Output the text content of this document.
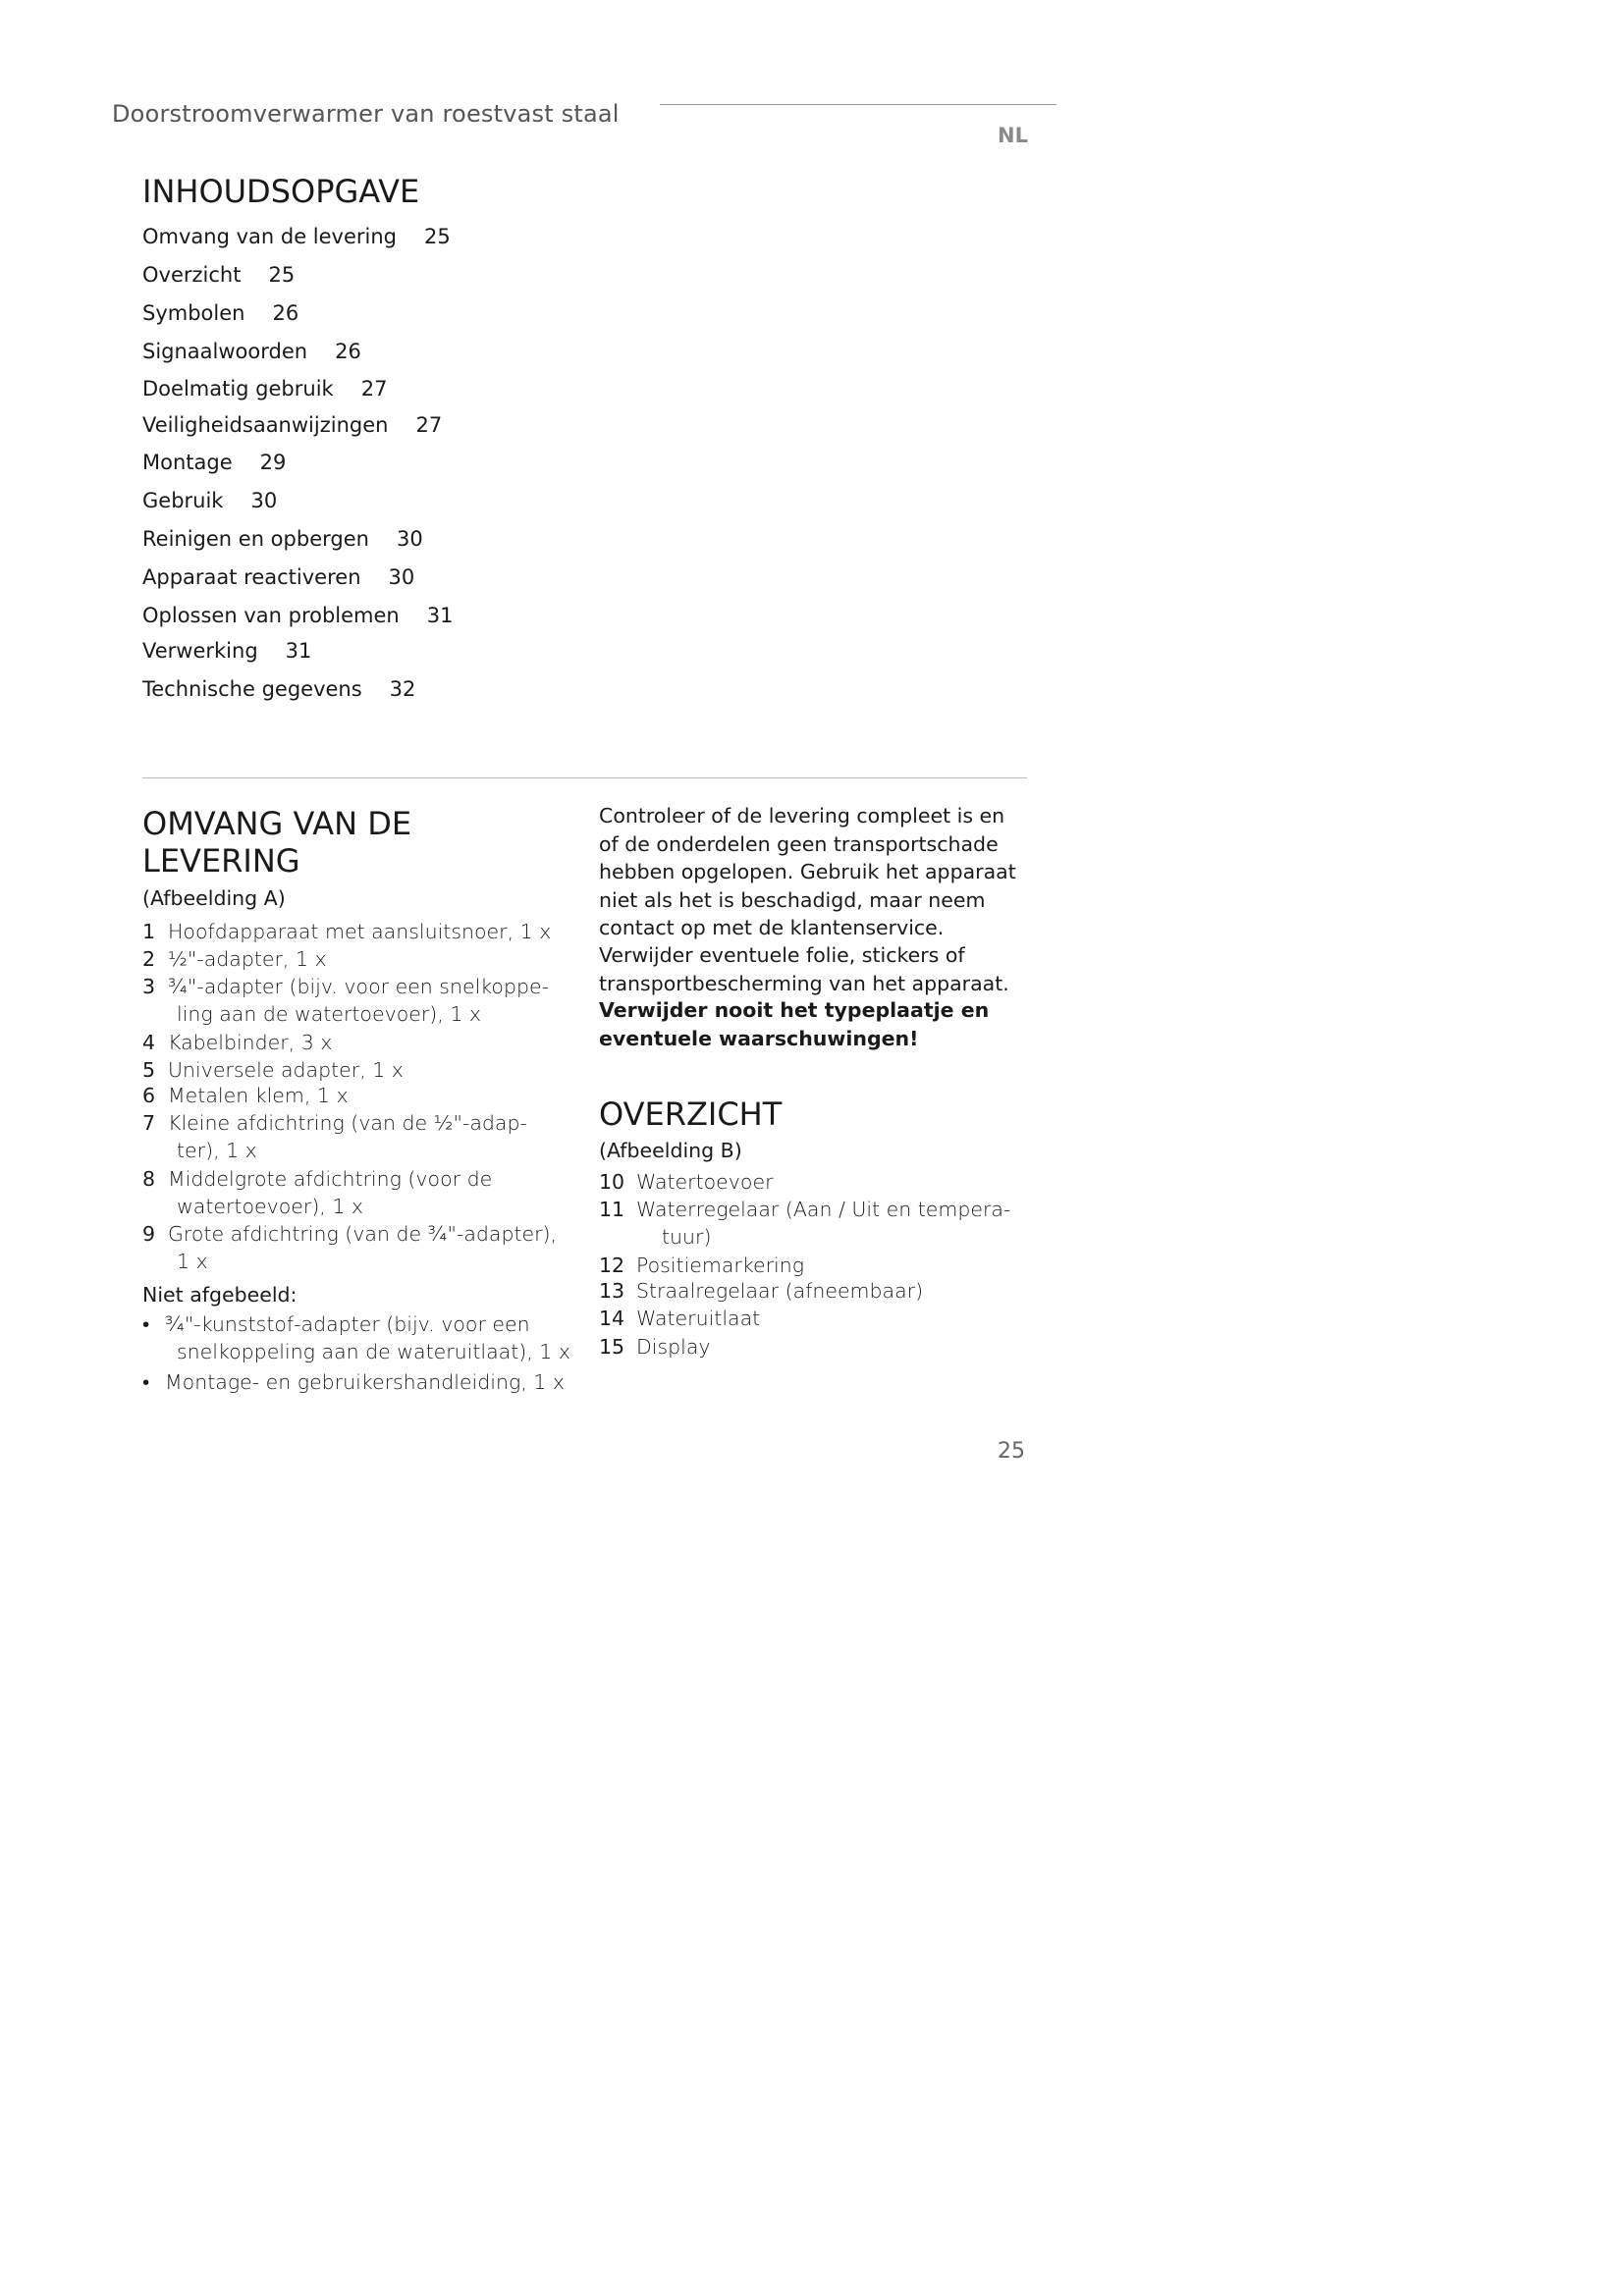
Doorstroomverwarmer van roestvast staal
NL
INHOUDSOPGAVE
Omvang van de levering 25
Overzicht 25
Symbolen 26
Signaalwoorden 26
Doelmatig gebruik 27
Veiligheidsaanwijzingen 27
Montage 29
Gebruik 30
Reinigen en opbergen 30
Apparaat reactiveren 30
Oplossen van problemen 31
Verwerking 31
Technische gegevens 32
OMVANG VAN DE
LEVERING
(Afbeelding A)
1 Hoofdapparaat met aansluitsnoer, 1 x
2 ½"-adapter, 1 x
3 ¾"-adapter (bijv. voor een snelkoppe-
ling aan de watertoevoer), 1 x
4 Kabelbinder, 3 x
5 Universele adapter, 1 x
6 Metalen klem, 1 x
7 Kleine afdichtring (van de ½"-adap-
ter), 1 x
8 Middelgrote afdichtring (voor de
watertoevoer), 1 x
9 Grote afdichtring (van de ¾"-adapter),
1 x
Niet afgebeeld:
• ¾"-kunststof-adapter (bijv. voor een
snelkoppeling aan de wateruitlaat), 1 x
• Montage- en gebruikershandleiding, 1 x
Controleer of de levering compleet is en
of de onderdelen geen transportschade
hebben opgelopen. Gebruik het apparaat
niet als het is beschadigd, maar neem
contact op met de klantenservice.
Verwijder eventuele folie, stickers of
transportbescherming van het apparaat.
Verwijder nooit het typeplaatje en
eventuele waarschuwingen!
OVERZICHT
(Afbeelding B)
10 Watertoevoer
11 Waterregelaar (Aan / Uit en tempera-
tuur)
12 Positiemarkering
13 Straalregelaar (afneembaar)
14 Wateruitlaat
15 Display
25
